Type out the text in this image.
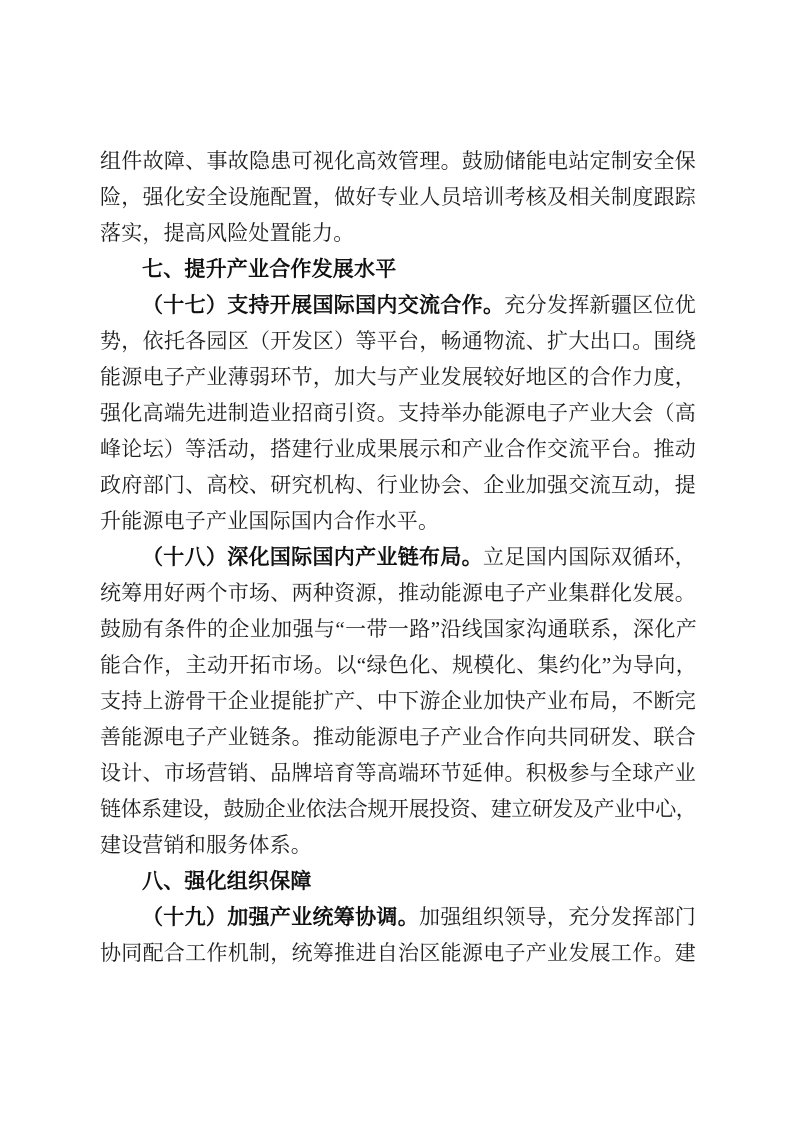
组件故障、事故隐患可视化高效管理。鼓励储能电站定制安全保
险，强化安全设施配置，做好专业人员培训考核及相关制度跟踪
落实，提高风险处置能力。
七、提升产业合作发展水平
（十七）支持开展国际国内交流合作。充分发挥新疆区位优
势，依托各园区（开发区）等平台，畅通物流、扩大出口。围绕
能源电子产业薄弱环节，加大与产业发展较好地区的合作力度，
强化高端先进制造业招商引资。支持举办能源电子产业大会（高
峰论坛）等活动，搭建行业成果展示和产业合作交流平台。推动
政府部门、高校、研究机构、行业协会、企业加强交流互动，提
升能源电子产业国际国内合作水平。
（十八）深化国际国内产业链布局。立足国内国际双循环，
统筹用好两个市场、两种资源，推动能源电子产业集群化发展。
鼓励有条件的企业加强与“一带一路”沿线国家沟通联系，深化产
能合作，主动开拓市场。以“绿色化、规模化、集约化”为导向，
支持上游骨干企业提能扩产、中下游企业加快产业布局，不断完
善能源电子产业链条。推动能源电子产业合作向共同研发、联合
设计、市场营销、品牌培育等高端环节延伸。积极参与全球产业
链体系建设，鼓励企业依法合规开展投资、建立研发及产业中心，
建设营销和服务体系。
八、强化组织保障
（十九）加强产业统筹协调。加强组织领导，充分发挥部门
协同配合工作机制，统筹推进自治区能源电子产业发展工作。建
